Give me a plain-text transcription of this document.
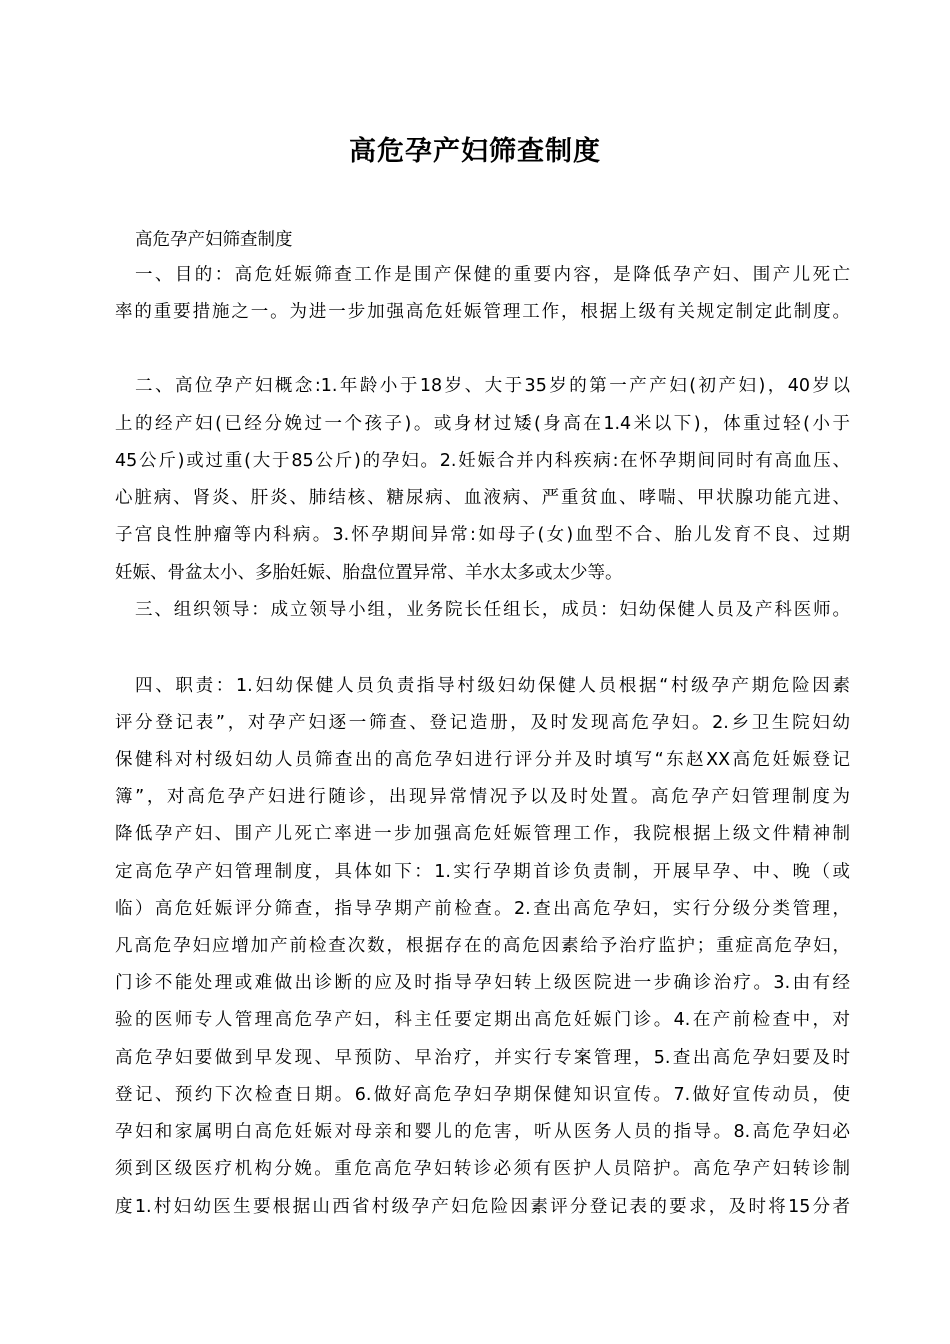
高危孕产妇筛查制度
高危孕产妇筛查制度
一、目的：高危妊娠筛查工作是围产保健的重要内容，是降低孕产妇、围产儿死亡
率的重要措施之一。为进一步加强高危妊娠管理工作，根据上级有关规定制定此制度。
二、高位孕产妇概念:1.年龄小于18岁、大于35岁的第一产产妇(初产妇)，40岁以
上的经产妇(已经分娩过一个孩子)。或身材过矮(身高在1.4米以下)，体重过轻(小于
45公斤)或过重(大于85公斤)的孕妇。2.妊娠合并内科疾病:在怀孕期间同时有高血压、
心脏病、肾炎、肝炎、肺结核、糖尿病、血液病、严重贫血、哮喘、甲状腺功能亢进、
子宫良性肿瘤等内科病。3.怀孕期间异常:如母子(女)血型不合、胎儿发育不良、过期
妊娠、骨盆太小、多胎妊娠、胎盘位置异常、羊水太多或太少等。
三、组织领导：成立领导小组，业务院长任组长，成员：妇幼保健人员及产科医师。
四、职责：1.妇幼保健人员负责指导村级妇幼保健人员根据“村级孕产期危险因素
评分登记表”，对孕产妇逐一筛查、登记造册，及时发现高危孕妇。2.乡卫生院妇幼
保健科对村级妇幼人员筛查出的高危孕妇进行评分并及时填写“东赵XX高危妊娠登记
簿”，对高危孕产妇进行随诊，出现异常情况予以及时处置。高危孕产妇管理制度为
降低孕产妇、围产儿死亡率进一步加强高危妊娠管理工作，我院根据上级文件精神制
定高危孕产妇管理制度，具体如下：1.实行孕期首诊负责制，开展早孕、中、晚（或
临）高危妊娠评分筛查，指导孕期产前检查。2.查出高危孕妇，实行分级分类管理，
凡高危孕妇应增加产前检查次数，根据存在的高危因素给予治疗监护；重症高危孕妇，
门诊不能处理或难做出诊断的应及时指导孕妇转上级医院进一步确诊治疗。3.由有经
验的医师专人管理高危孕产妇，科主任要定期出高危妊娠门诊。4.在产前检查中，对
高危孕妇要做到早发现、早预防、早治疗，并实行专案管理，5.查出高危孕妇要及时
登记、预约下次检查日期。6.做好高危孕妇孕期保健知识宣传。7.做好宣传动员，使
孕妇和家属明白高危妊娠对母亲和婴儿的危害，听从医务人员的指导。8.高危孕妇必
须到区级医疗机构分娩。重危高危孕妇转诊必须有医护人员陪护。高危孕产妇转诊制
度1.村妇幼医生要根据山西省村级孕产妇危险因素评分登记表的要求，及时将15分者
